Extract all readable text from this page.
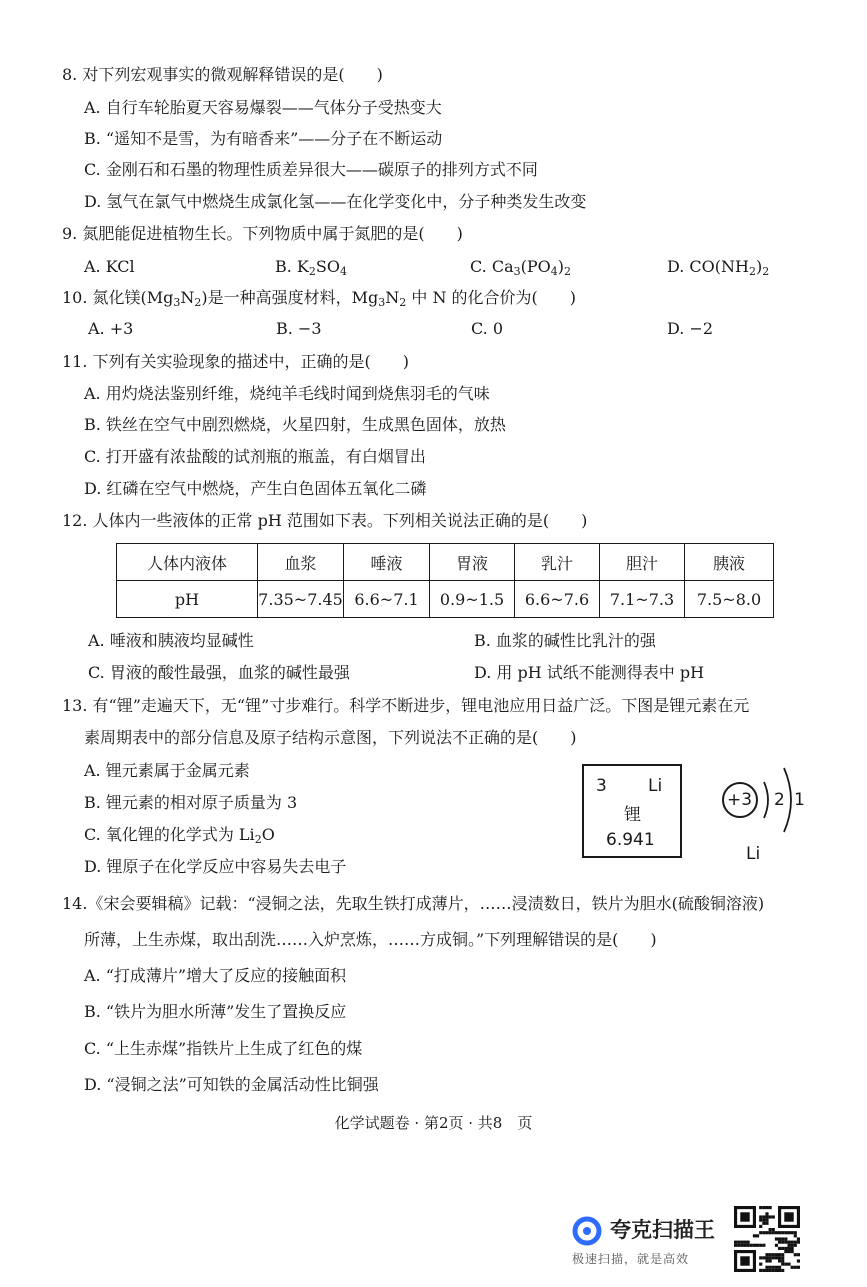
8. 对下列宏观事实的微观解释错误的是(　　)
A. 自行车轮胎夏天容易爆裂——气体分子受热变大
B. “遥知不是雪，为有暗香来”——分子在不断运动
C. 金刚石和石墨的物理性质差异很大——碳原子的排列方式不同
D. 氢气在氯气中燃烧生成氯化氢——在化学变化中，分子种类发生改变
9. 氮肥能促进植物生长。下列物质中属于氮肥的是(　　)
A. KCl	B. $K_2SO_4$	C. $Ca_3(PO_4)_2$	D. $CO(NH_2)_2$
10. 氮化镁$(Mg_3N_2)$是一种高强度材料，$Mg_3N_2$ 中 N 的化合价为(　　)
A. +3	B. −3	C. 0	D. −2
11. 下列有关实验现象的描述中，正确的是(　　)
A. 用灼烧法鉴别纤维，烧纯羊毛线时闻到烧焦羽毛的气味
B. 铁丝在空气中剧烈燃烧，火星四射，生成黑色固体，放热
C. 打开盛有浓盐酸的试剂瓶的瓶盖，有白烟冒出
D. 红磷在空气中燃烧，产生白色固体五氧化二磷
12. 人体内一些液体的正常 pH 范围如下表。下列相关说法正确的是(　　)
人体内液体	血浆	唾液	胃液	乳汁	胆汁	胰液
pH	7.35~7.45	6.6~7.1	0.9~1.5	6.6~7.6	7.1~7.3	7.5~8.0
A. 唾液和胰液均显碱性	B. 血浆的碱性比乳汁的强
C. 胃液的酸性最强，血浆的碱性最强	D. 用 pH 试纸不能测得表中 pH
13. 有“锂”走遍天下，无“锂”寸步难行。科学不断进步，锂电池应用日益广泛。下图是锂元素在元
素周期表中的部分信息及原子结构示意图，下列说法不正确的是(　　)
A. 锂元素属于金属元素
B. 锂元素的相对原子质量为 3
C. 氧化锂的化学式为 $Li_2O$
D. 锂原子在化学反应中容易失去电子
3 Li
锂
6.941
+3 2 1
Li
14.《宋会要辑稿》记载：“浸铜之法，先取生铁打成薄片，……浸渍数日，铁片为胆水(硫酸铜溶液)
所薄，上生赤煤，取出刮洗……入炉烹炼，……方成铜。”下列理解错误的是(　　)
A. “打成薄片”增大了反应的接触面积
B. “铁片为胆水所薄”发生了置换反应
C. “上生赤煤”指铁片上生成了红色的煤
D. “浸铜之法”可知铁的金属活动性比铜强
化学试题卷 · 第2页 · 共8　页
夸克扫描王
极速扫描，就是高效
